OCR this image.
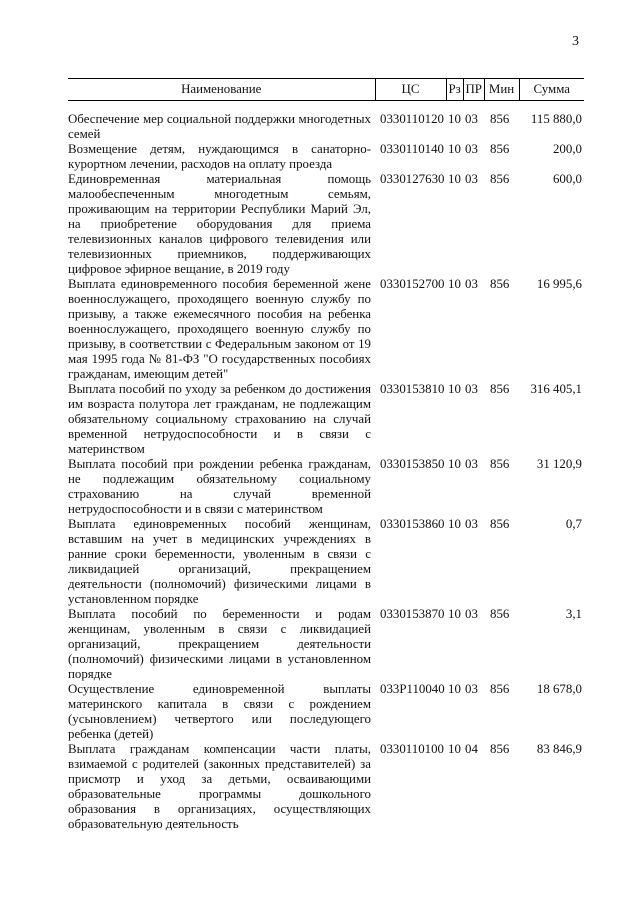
3
Наименование	ЦС	Рз	ПР	Мин	Сумма

Обеспечение мер социальной поддержки многодетных семей	0330110120	10	03	856	115 880,0
Возмещение детям, нуждающимся в санаторно-курортном лечении, расходов на оплату проезда	0330110140	10	03	856	200,0
Единовременная материальная помощь малообеспеченным многодетным семьям, проживающим на территории Республики Марий Эл, на приобретение оборудования для приема телевизионных каналов цифрового телевидения или телевизионных приемников, поддерживающих цифровое эфирное вещание, в 2019 году	0330127630	10	03	856	600,0
Выплата единовременного пособия беременной жене военнослужащего, проходящего военную службу по призыву, а также ежемесячного пособия на ребенка военнослужащего, проходящего военную службу по призыву, в соответствии с Федеральным законом от 19 мая 1995 года № 81-ФЗ "О государственных пособиях гражданам, имеющим детей"	0330152700	10	03	856	16 995,6
Выплата пособий по уходу за ребенком до достижения им возраста полутора лет гражданам, не подлежащим обязательному социальному страхованию на случай временной нетрудоспособности и в связи с материнством	0330153810	10	03	856	316 405,1
Выплата пособий при рождении ребенка гражданам, не подлежащим обязательному социальному страхованию на случай временной нетрудоспособности и в связи с материнством	0330153850	10	03	856	31 120,9
Выплата единовременных пособий женщинам, вставшим на учет в медицинских учреждениях в ранние сроки беременности, уволенным в связи с ликвидацией организаций, прекращением деятельности (полномочий) физическими лицами в установленном порядке	0330153860	10	03	856	0,7
Выплата пособий по беременности и родам женщинам, уволенным в связи с ликвидацией организаций, прекращением деятельности (полномочий) физическими лицами в установленном порядке	0330153870	10	03	856	3,1
Осуществление единовременной выплаты материнского капитала в связи с рождением (усыновлением) четвертого или последующего ребенка (детей)	033P110040	10	03	856	18 678,0
Выплата гражданам компенсации части платы, взимаемой с родителей (законных представителей) за присмотр и уход за детьми, осваивающими образовательные программы дошкольного образования в организациях, осуществляющих образовательную деятельность	0330110100	10	04	856	83 846,9
